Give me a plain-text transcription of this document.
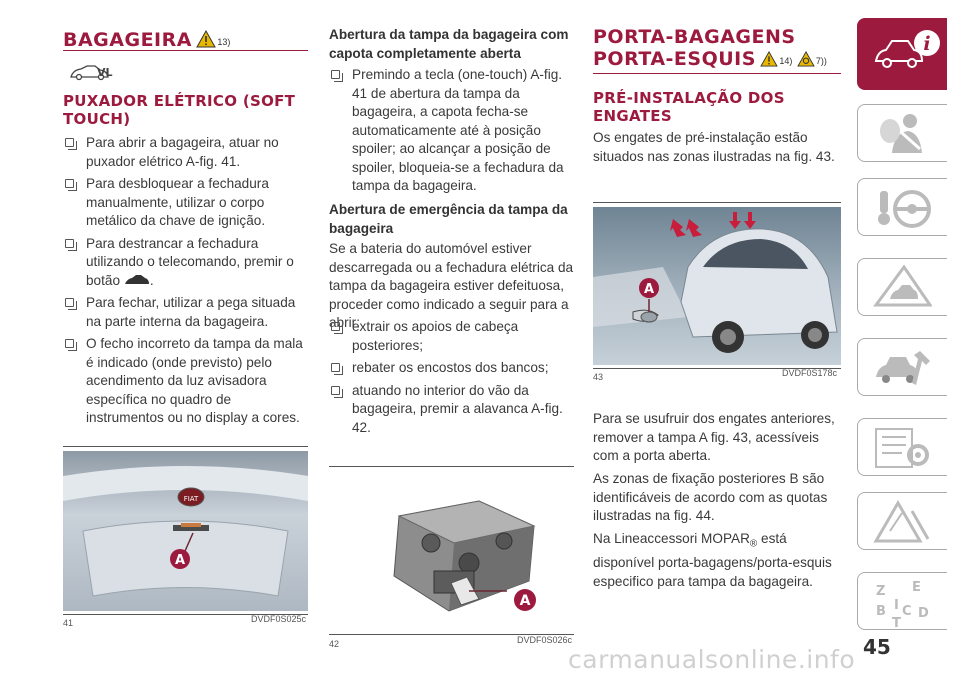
BAGAGEIRA	13)
VL

PUXADOR ELÉTRICO (SOFT TOUCH)

Para abrir a bagageira, atuar no puxador elétrico A-fig. 41.
Para desbloquear a fechadura manualmente, utilizar o corpo metálico da chave de ignição.
Para destrancar a fechadura utilizando o telecomando, premir o botão .
Para fechar, utilizar a pega situada na parte interna da bagageira.
O fecho incorreto da tampa da mala é indicado (onde previsto) pelo acendimento da luz avisadora específica no quadro de instrumentos ou no display a cores.
FIAT
A
41	DVDF0S025c

Abertura da tampa da bagageira com capota completamente aberta

Premindo a tecla (one-touch) A-fig. 41 de abertura da tampa da bagageira, a capota fecha-se automaticamente até à posição spoiler; ao alcançar a posição de spoiler, bloqueia-se a fechadura da tampa da bagageira.

Abertura de emergência da tampa da bagageira

Se a bateria do automóvel estiver descarregada ou a fechadura elétrica da tampa da bagageira estiver defeituosa, proceder como indicado a seguir para a abrir:

extrair os apoios de cabeça posteriores;
rebater os encostos dos bancos;
atuando no interior do vão da bagageira, premir a alavanca A-fig. 42.
A
42	DVDF0S026c
PORTA-BAGAGENS
PORTA-ESQUIS	14)	7))

PRÉ-INSTALAÇÃO DOS ENGATES

Os engates de pré-instalação estão situados nas zonas ilustradas na fig. 43.

A
43	DVDF0S178c

Para se usufruir dos engates anteriores, remover a tampa A fig. 43, acessíveis com a porta aberta.

As zonas de fixação posteriores B são identificáveis de acordo com as quotas ilustradas na fig. 44.

Na Lineaccessori $MOPAR_®$ está disponível porta-bagagens/porta-esquis especifico para tampa da bagageira.

i
Z E
B I C D
T
45
carmanualsonline.info
